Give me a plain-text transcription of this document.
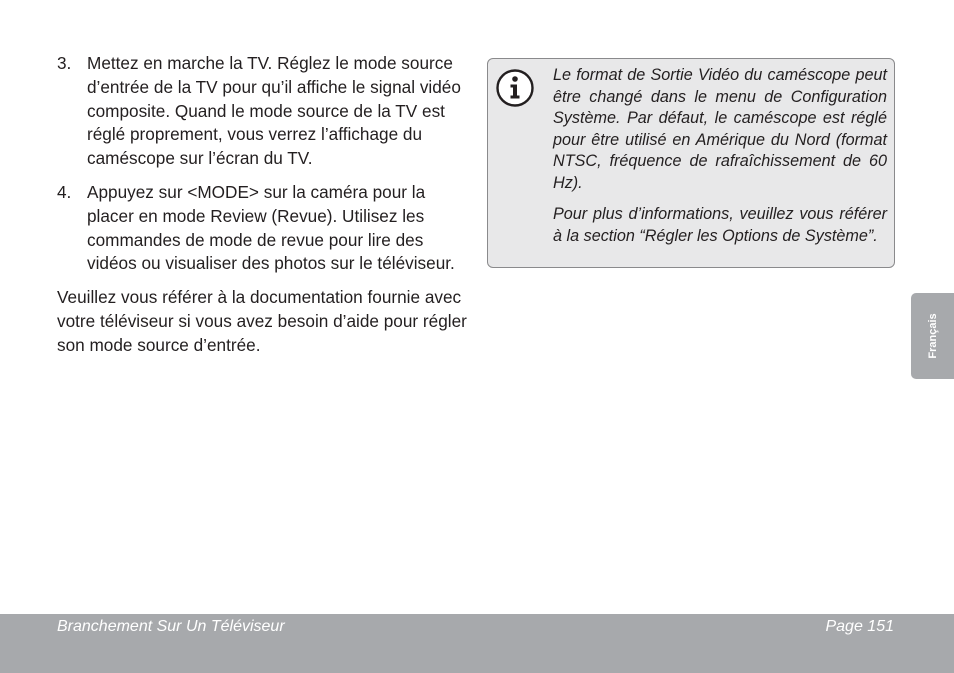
3. Mettez en marche la TV. Réglez le mode source d’entrée de la TV pour qu’il affiche le signal vidéo composite. Quand le mode source de la TV est réglé proprement, vous verrez l’affichage du caméscope sur l’écran du TV.
4. Appuyez sur <MODE> sur la caméra pour la placer en mode Review (Revue). Utilisez les commandes de mode de revue pour lire des vidéos ou visualiser des photos sur le téléviseur.

Veuillez vous référer à la documentation fournie avec votre téléviseur si vous avez besoin d’aide pour régler son mode source d’entrée.

Le format de Sortie Vidéo du caméscope peut être changé dans le menu de Configuration Système. Par défaut, le caméscope est réglé pour être utilisé en Amérique du Nord (format NTSC, fréquence de rafraîchissement de 60 Hz).

Pour plus d’informations, veuillez vous référer à la section “Régler les Options de Système”.

Français
Branchement Sur Un Téléviseur	Page 151
